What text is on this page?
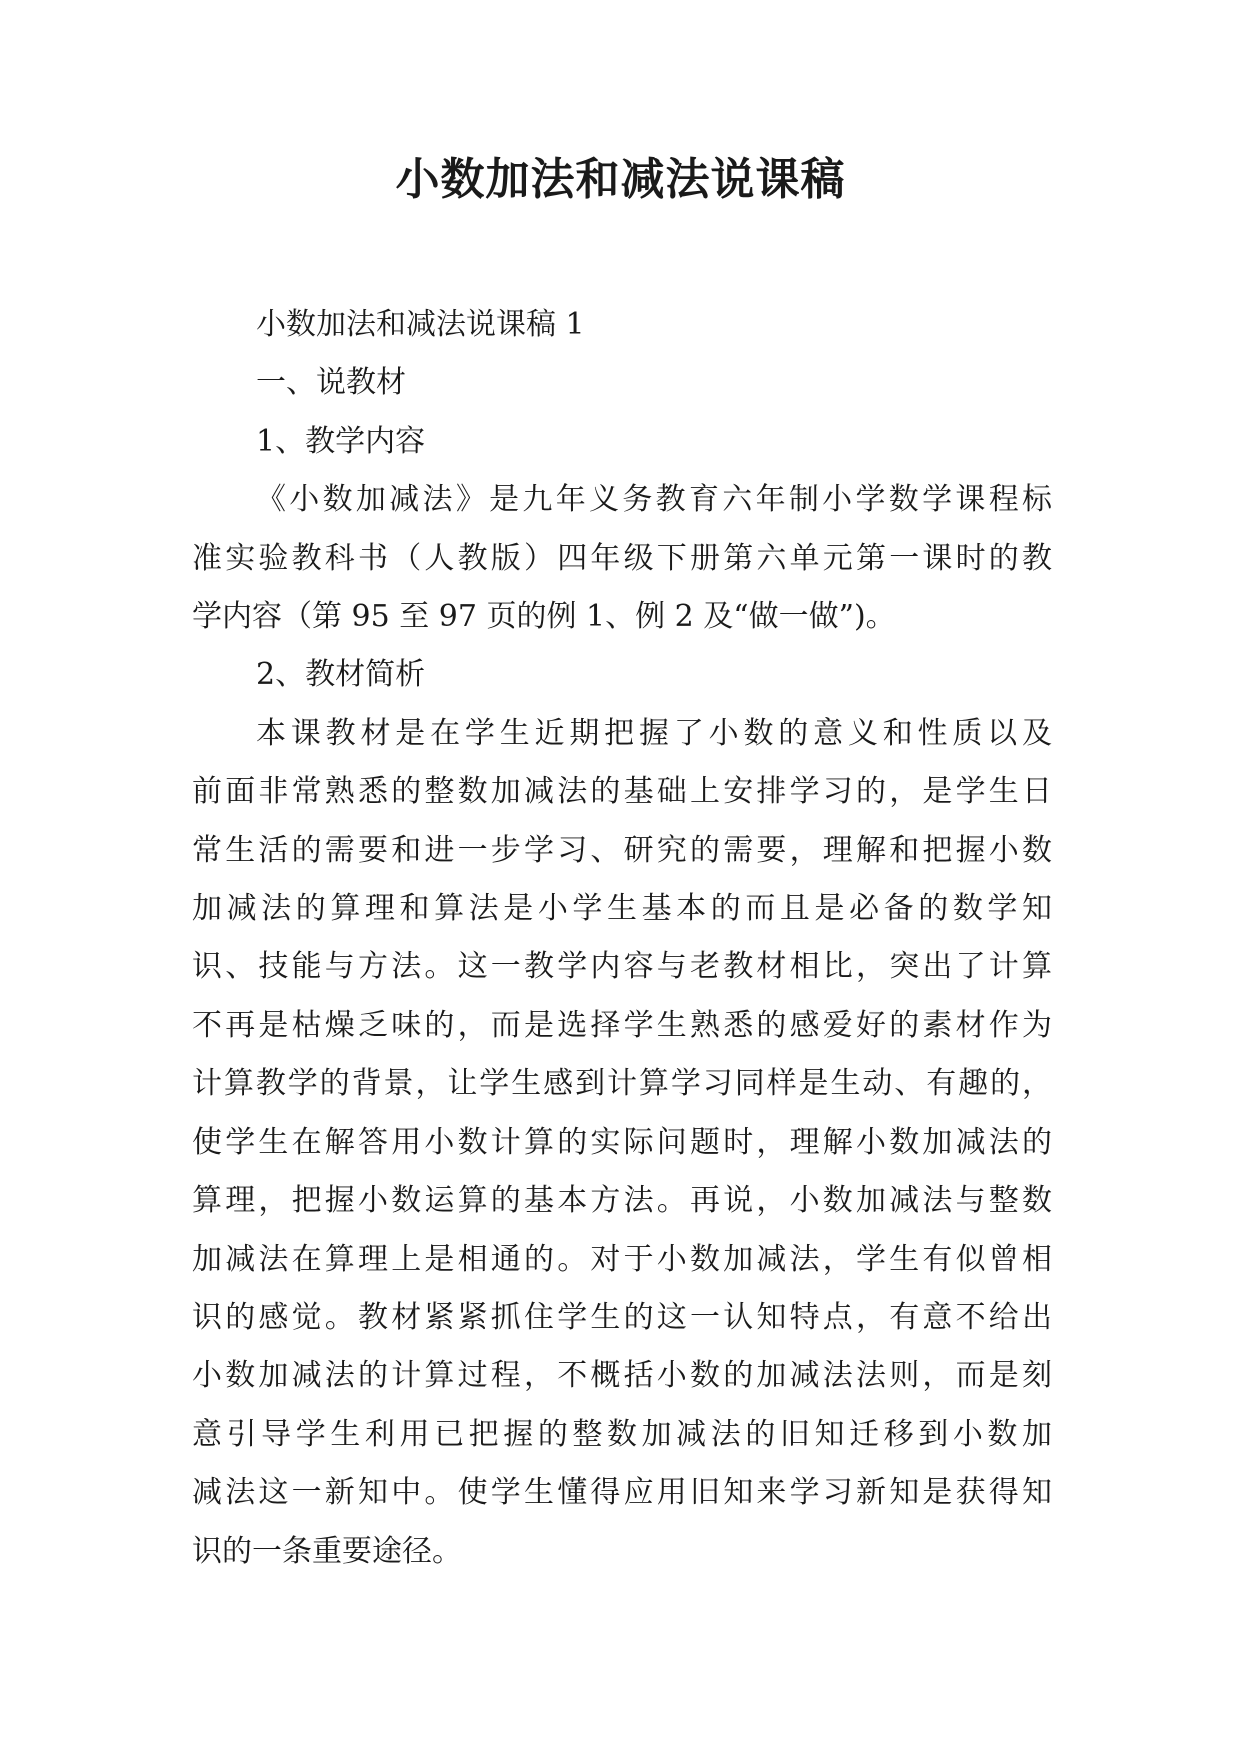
小数加法和减法说课稿

小数加法和减法说课稿 1

一、说教材

1、教学内容

《小数加减法》是九年义务教育六年制小学数学课程标

准实验教科书（人教版）四年级下册第六单元第一课时的教

学内容（第 95 至 97 页的例 1、例 2 及“做一做”)。

2、教材简析

本课教材是在学生近期把握了小数的意义和性质以及

前面非常熟悉的整数加减法的基础上安排学习的，是学生日

常生活的需要和进一步学习、研究的需要，理解和把握小数

加减法的算理和算法是小学生基本的而且是必备的数学知

识、技能与方法。这一教学内容与老教材相比，突出了计算

不再是枯燥乏味的，而是选择学生熟悉的感爱好的素材作为

计算教学的背景，让学生感到计算学习同样是生动、有趣的，

使学生在解答用小数计算的实际问题时，理解小数加减法的

算理，把握小数运算的基本方法。再说，小数加减法与整数

加减法在算理上是相通的。对于小数加减法，学生有似曾相

识的感觉。教材紧紧抓住学生的这一认知特点，有意不给出

小数加减法的计算过程，不概括小数的加减法法则，而是刻

意引导学生利用已把握的整数加减法的旧知迁移到小数加

减法这一新知中。使学生懂得应用旧知来学习新知是获得知

识的一条重要途径。
